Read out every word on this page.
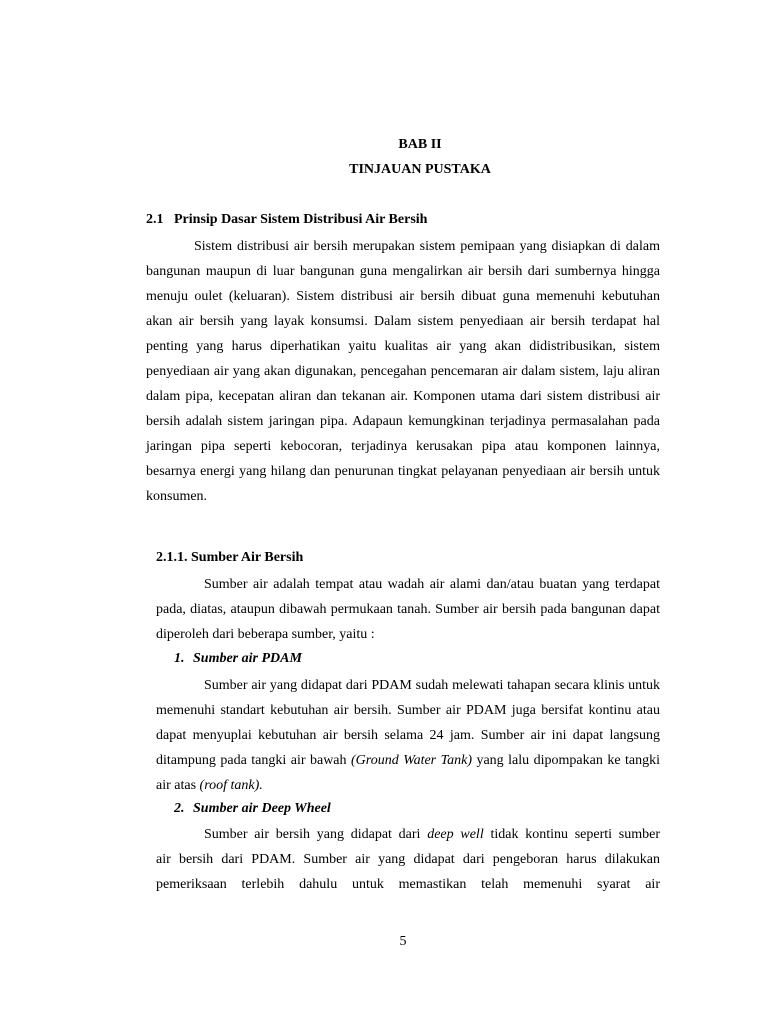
BAB II
TINJAUAN PUSTAKA
2.1 Prinsip Dasar Sistem Distribusi Air Bersih

Sistem distribusi air bersih merupakan sistem pemipaan yang disiapkan di dalam bangunan maupun di luar bangunan guna mengalirkan air bersih dari sumbernya hingga menuju oulet (keluaran). Sistem distribusi air bersih dibuat guna memenuhi kebutuhan akan air bersih yang layak konsumsi. Dalam sistem penyediaan air bersih terdapat hal penting yang harus diperhatikan yaitu kualitas air yang akan didistribusikan, sistem penyediaan air yang akan digunakan, pencegahan pencemaran air dalam sistem, laju aliran dalam pipa, kecepatan aliran dan tekanan air. Komponen utama dari sistem distribusi air bersih adalah sistem jaringan pipa. Adapaun kemungkinan terjadinya permasalahan pada jaringan pipa seperti kebocoran, terjadinya kerusakan pipa atau komponen lainnya, besarnya energi yang hilang dan penurunan tingkat pelayanan penyediaan air bersih untuk konsumen.

2.1.1. Sumber Air Bersih

Sumber air adalah tempat atau wadah air alami dan/atau buatan yang terdapat pada, diatas, ataupun dibawah permukaan tanah. Sumber air bersih pada bangunan dapat diperoleh dari beberapa sumber, yaitu :

1. Sumber air PDAM

Sumber air yang didapat dari PDAM sudah melewati tahapan secara klinis untuk memenuhi standart kebutuhan air bersih. Sumber air PDAM juga bersifat kontinu atau dapat menyuplai kebutuhan air bersih selama 24 jam. Sumber air ini dapat langsung ditampung pada tangki air bawah (Ground Water Tank) yang lalu dipompakan ke tangki air atas (roof tank).

2. Sumber air Deep Wheel
Sumber air bersih yang didapat dari deep well tidak kontinu seperti sumber
air bersih dari PDAM. Sumber air yang didapat dari pengeboran harus dilakukan
pemeriksaan terlebih dahulu untuk memastikan telah memenuhi syarat air
5
